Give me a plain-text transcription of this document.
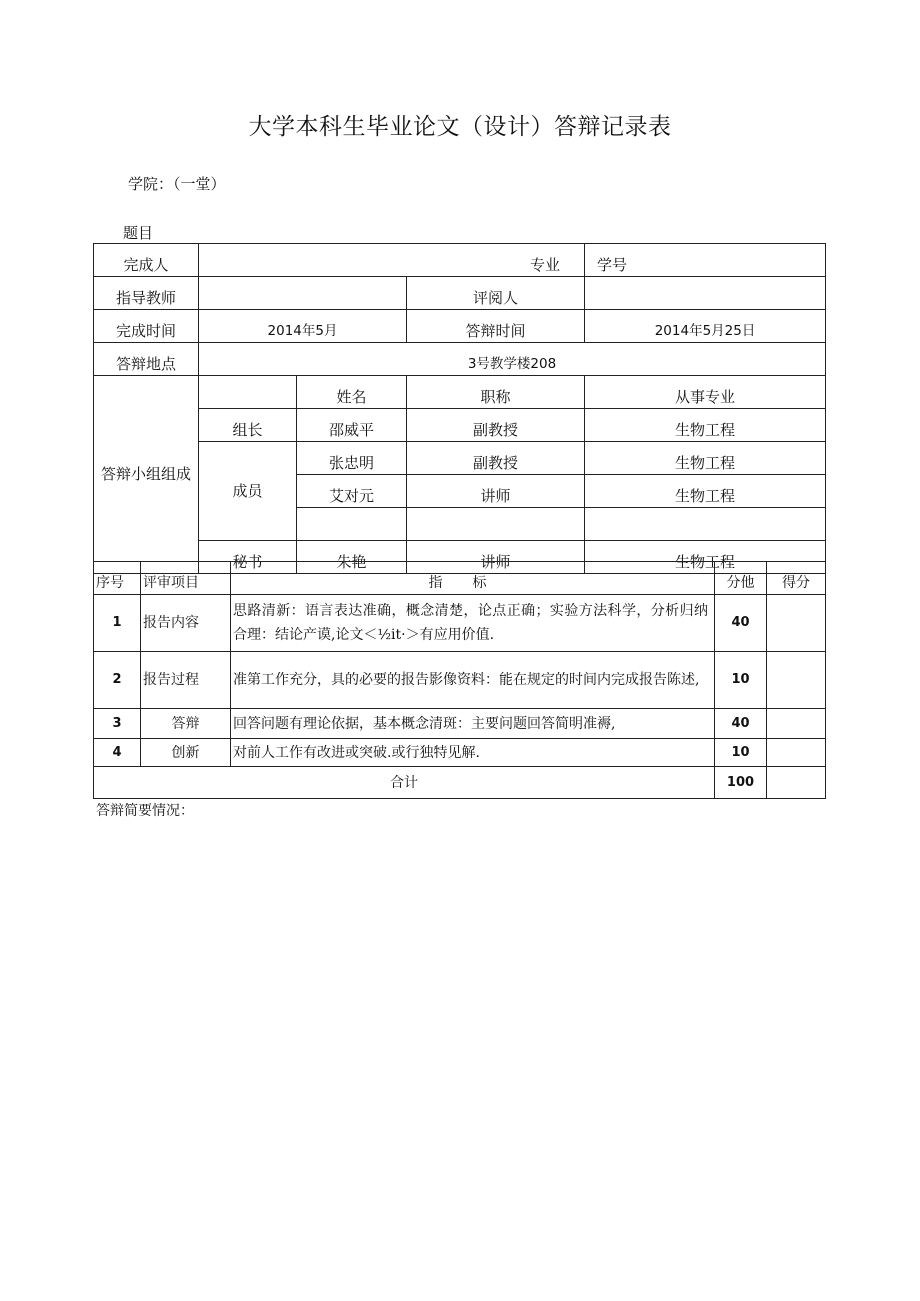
大学本科生毕业论文（设计）答辩记录表
学院：（一堂）
题目
完成人	专业			学号
指导教师			评阅人	
完成时间	2014年5月		答辩时间	2014年5月25日
答辩地点	3号教学楼208			
答辩小组组成		姓名	职称	从事专业
	组长	邵威平	副教授	生物工程
	成员	张忠明	副教授	生物工程
		艾对元	讲师	生物工程

	秘书	朱艳	讲师	生物工程
序号	评审项目	指标	分他	得分
1	报告内容	思路清新：语言表达准确，概念清楚，论点正确；实验方法科学，分析归纳合理：结论产谟,论文＜½it·＞有应用价值.	40	
2	报告过程	准第工作充分，具的必要的报告影像资料：能在规定的时间内完成报告陈述,	10	
3	答辩	回答问题有理论依据，基本概念清斑：主要问题回答简明准褥,	40	
4	创新	对前人工作有改进或突破.或行独特见解.	10	
合计			100	
答辩简要情况：
